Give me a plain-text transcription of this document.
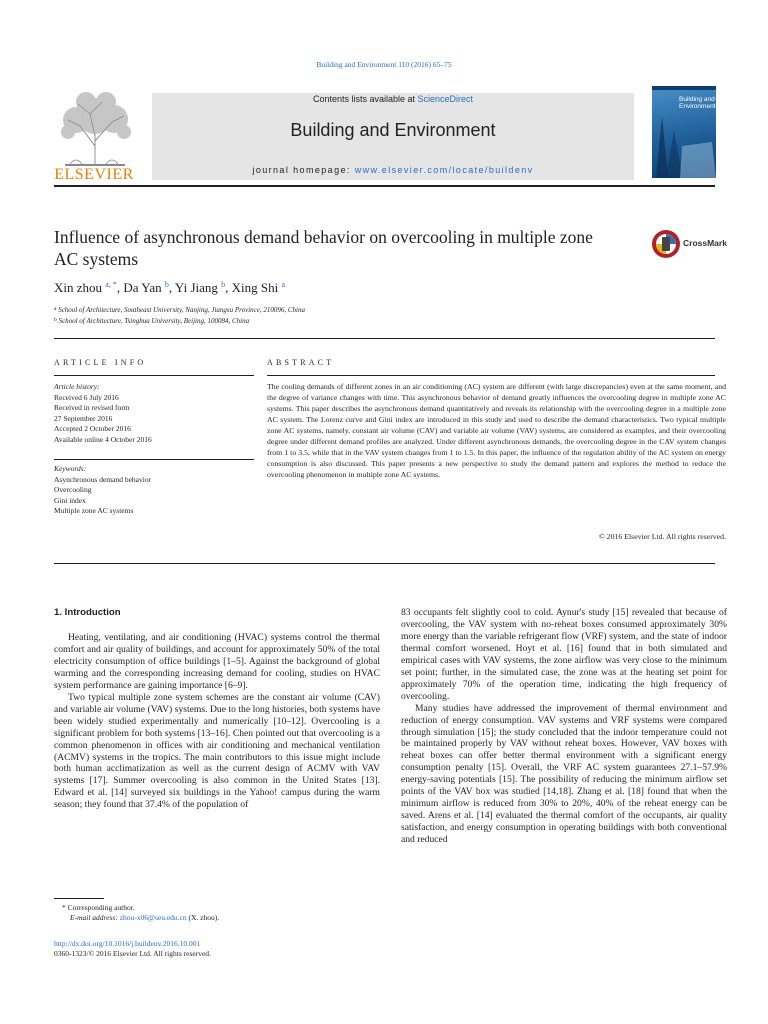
Building and Environment 110 (2016) 65–75
ELSEVIER
Contents lists available at ScienceDirect
Building and Environment
journal homepage: www.elsevier.com/locate/buildenv
Building and Environment
Influence of asynchronous demand behavior on overcooling in multiple zone AC systems
CrossMark
Xin zhou $^{a, *}$, Da Yan $^b$, Yi Jiang $^b$, Xing Shi $^a$
$^a$ School of Architecture, Southeast University, Nanjing, Jiangsu Province, 210096, China
$^b$ School of Architecture, Tsinghua University, Beijing, 100084, China
ARTICLE INFO
Article history:
Received 6 July 2016
Received in revised form
27 September 2016
Accepted 2 October 2016
Available online 4 October 2016
Keywords:
Asynchronous demand behavior
Overcooling
Gini index
Multiple zone AC systems
ABSTRACT
The cooling demands of different zones in an air conditioning (AC) system are different (with large discrepancies) even at the same moment, and the degree of variance changes with time. This asynchronous behavior of demand greatly influences the overcooling degree in multiple zone AC systems. This paper describes the asynchronous demand quantitatively and reveals its relationship with the overcooling degree in a multiple zone AC system. The Lorenz curve and Gini index are introduced in this study and used to describe the demand characteristics. Two typical multiple zone AC systems, namely, constant air volume (CAV) and variable air volume (VAV) systems, are considered as examples, and their overcooling degree under different demand profiles are analyzed. Under different asynchronous demands, the overcooling degree in the CAV system changes from 1 to 3.5, while that in the VAV system changes from 1 to 1.5. In this paper, the influence of the regulation ability of the AC system on energy consumption is also discussed. This paper presents a new perspective to study the demand pattern and explores the method to reduce the overcooling phenomenon in multiple zone AC systems.
© 2016 Elsevier Ltd. All rights reserved.
1. Introduction

Heating, ventilating, and air conditioning (HVAC) systems control the thermal comfort and air quality of buildings, and account for approximately 50% of the total electricity consumption of office buildings [1–5]. Against the background of global warming and the corresponding increasing demand for cooling, studies on HVAC system performance are gaining importance [6–9].

Two typical multiple zone system schemes are the constant air volume (CAV) and variable air volume (VAV) systems. Due to the long histories, both systems have been widely studied experimentally and numerically [10–12]. Overcooling is a significant problem for both systems [13–16]. Chen pointed out that overcooling is a common phenomenon in offices with air conditioning and mechanical ventilation (ACMV) systems in the tropics. The main contributors to this issue might include both human acclimatization as well as the current design of ACMV with VAV systems [17]. Summer overcooling is also common in the United States [13]. Edward et al. [14] surveyed six buildings in the Yahoo! campus during the warm season; they found that 37.4% of the population of

83 occupants felt slightly cool to cold. Aynur's study [15] revealed that because of overcooling, the VAV system with no-reheat boxes consumed approximately 30% more energy than the variable refrigerant flow (VRF) system, and the state of indoor thermal comfort worsened. Hoyt et al. [16] found that in both simulated and empirical cases with VAV systems, the zone airflow was very close to the minimum set point; further, in the simulated case, the zone was at the heating set point for approximately 70% of the operation time, indicating the high frequency of overcooling.

Many studies have addressed the improvement of thermal environment and reduction of energy consumption. VAV systems and VRF systems were compared through simulation [15]; the study concluded that the indoor temperature could not be maintained properly by VAV without reheat boxes. However, VAV boxes with reheat boxes can offer better thermal environment with a significant energy consumption penalty [15]. Overall, the VRF AC system guarantees 27.1–57.9% energy-saving potentials [15]. The possibility of reducing the minimum airflow set points of the VAV box was studied [14,18]. Zhang et al. [18] found that when the minimum airflow is reduced from 30% to 20%, 40% of the reheat energy can be saved. Arens et al. [14] evaluated the thermal comfort of the occupants, air quality satisfaction, and energy consumption in operating buildings with both conventional and reduced

* Corresponding author.
E-mail address: zhou-x06@seu.edu.cn (X. zhou).
http://dx.doi.org/10.1016/j.buildenv.2016.10.001
0360-1323/© 2016 Elsevier Ltd. All rights reserved.
